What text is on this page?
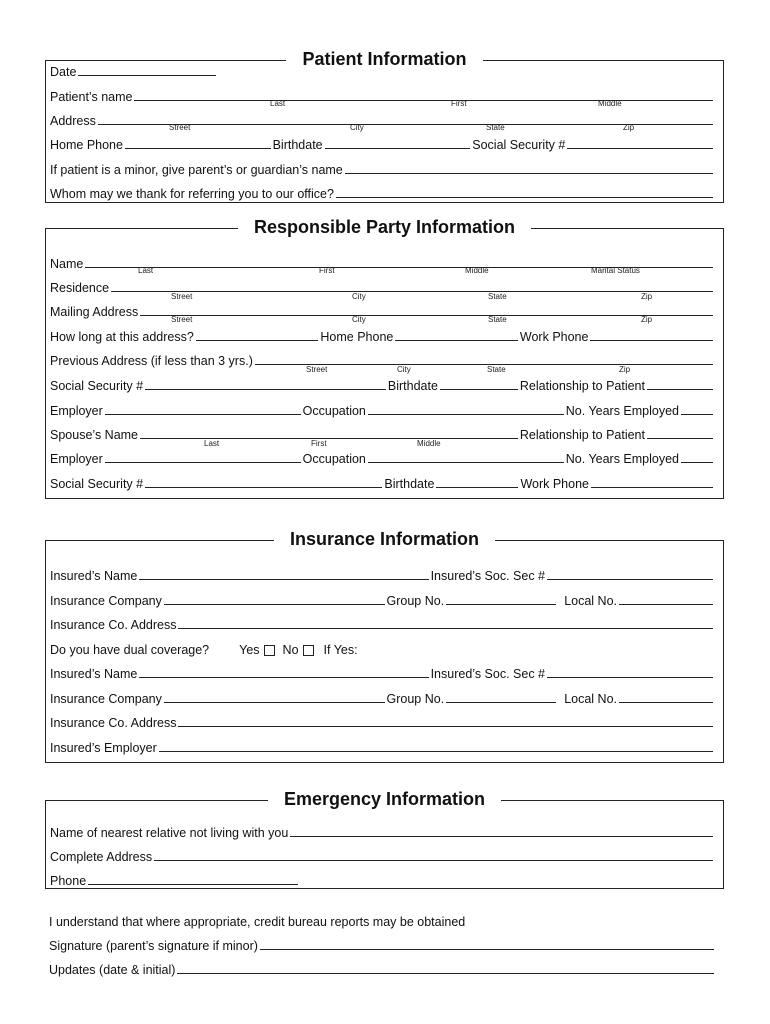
Patient Information
Date
Patient’s name	Last	First	Middle
Address	Street	City	State	Zip
Home Phone	Birthdate	Social Security #
If patient is a minor, give parent’s or guardian’s name
Whom may we thank for referring you to our office?
Responsible Party Information
Name	Last	First	Middle	Marital Status
Residence
Street	City	State	Zip
Mailing Address
Street	City	State	Zip
How long at this address?	Home Phone	Work Phone
Previous Address (if less than 3 yrs.)
Street	City	State	Zip
Social Security #	Birthdate	Relationship to Patient
Employer	Occupation	No. Years Employed
Spouse’s Name	Relationship to Patient
Last	First	Middle
Employer	Occupation	No. Years Employed
Social Security #	Birthdate	Work Phone
Insurance Information
Insured’s Name	Insured’s Soc. Sec #
Insurance Company	Group No.	Local No.
Insurance Co. Address
Do you have dual coverage? Yes No If Yes:
Insured’s Name	Insured’s Soc. Sec #
Insurance Company	Group No.	Local No.
Insurance Co. Address
Insured’s Employer
Emergency Information
Name of nearest relative not living with you
Complete Address
Phone
I understand that where appropriate, credit bureau reports may be obtained
Signature (parent’s signature if minor)
Updates (date & initial)
